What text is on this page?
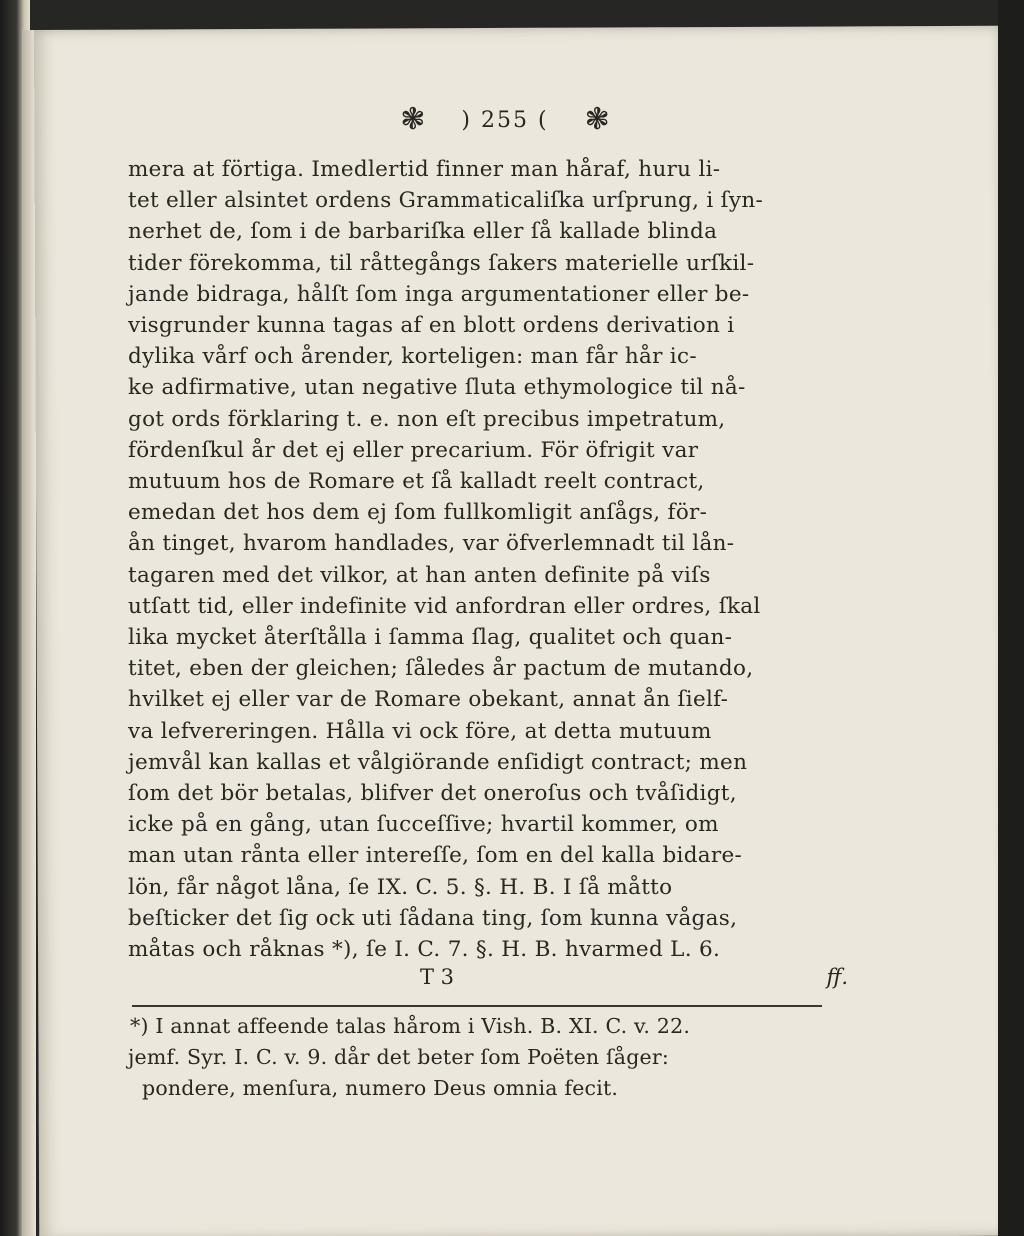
❃ ) 255 ( ❃
mera at förtiga. Imedlertid finner man håraf, huru li-
tet eller alsintet ordens Grammaticaliſka urſprung, i ſyn-
nerhet de, ſom i de barbariſka eller ſå kallade blinda
tider förekomma, til råttegångs ſakers materielle urſkil-
jande bidraga, hålſt ſom inga argumentationer eller be-
visgrunder kunna tagas af en blott ordens derivation i
dylika vårf och årender, korteligen: man får hår ic-
ke adfirmative, utan negative ſluta ethymologice til nå-
got ords förklaring t. e. non eſt precibus impetratum,
fördenſkul år det ej eller precarium. För öfrigit var
mutuum hos de Romare et ſå kalladt reelt contract,
emedan det hos dem ej ſom fullkomligit anſågs, för-
ån tinget, hvarom handlades, var öfverlemnadt til lån-
tagaren med det vilkor, at han anten definite på viſs
utſatt tid, eller indefinite vid anfordran eller ordres, ſkal
lika mycket återſtålla i ſamma ſlag, qualitet och quan-
titet, eben der gleichen; ſåledes år pactum de mutando,
hvilket ej eller var de Romare obekant, annat ån ſielf-
va lefvereringen. Hålla vi ock före, at detta mutuum
jemvål kan kallas et vålgiörande enſidigt contract; men
ſom det bör betalas, blifver det oneroſus och tvåſidigt,
icke på en gång, utan ſucceſſive; hvartil kommer, om
man utan rånta eller intereſſe, ſom en del kalla bidare-
lön, får något låna, ſe IX. C. 5. §. H. B. I ſå måtto
beſticker det ſig ock uti ſådana ting, ſom kunna vågas,
måtas och råknas *), ſe I. C. 7. §. H. B. hvarmed L. 6.
T 3	ff.
*) I annat affeende talas hårom i Vish. B. XI. C. v. 22.
jemf. Syr. I. C. v. 9. dår det beter ſom Poëten ſåger:
pondere, menſura, numero Deus omnia fecit.
